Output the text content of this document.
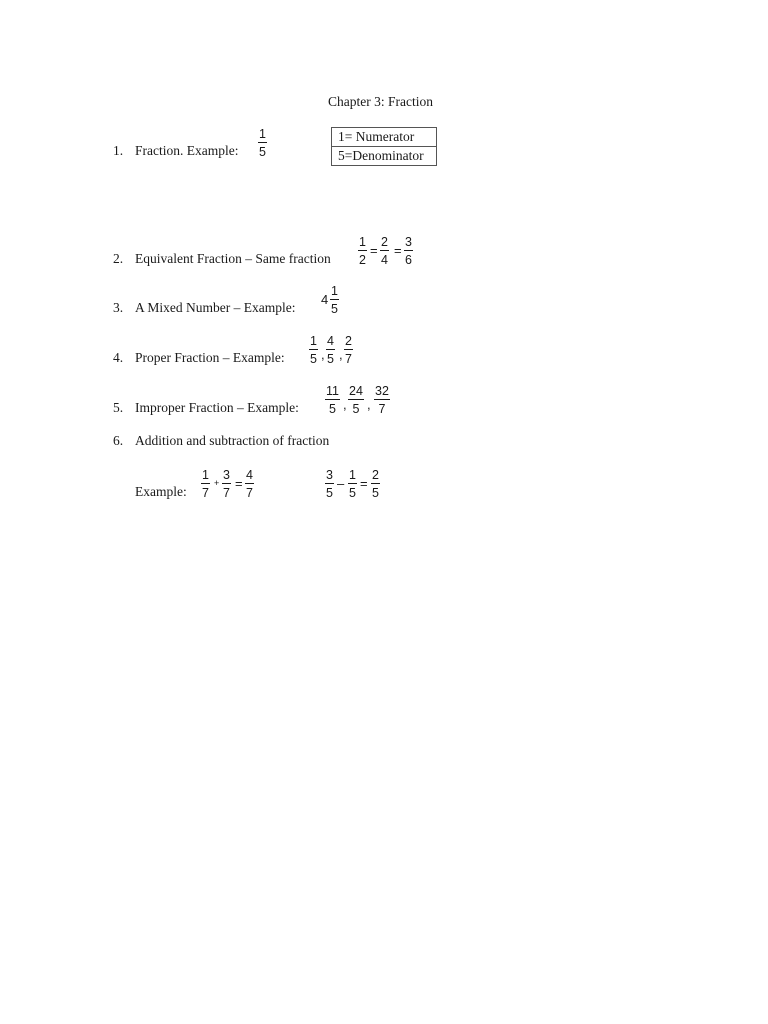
Chapter 3: Fraction
1. Fraction. Example: $\frac{1}{5}$	1= Numerator
5=Denominator
2. Equivalent Fraction – Same fraction $\frac{1}{2} = \frac{2}{4} = \frac{3}{6}$
3. A Mixed Number – Example:
$4 \frac{1}{5}$
4. Proper Fraction – Example: $\frac{1}{5}$ , $\frac{4}{5}$ , $\frac{2}{7}$
5. Improper Fraction – Example: $\frac{11}{5}$ , $\frac{24}{5}$ , $\frac{32}{7}$
6. Addition and subtraction of fraction
Example: $\frac{1}{7} + \frac{3}{7} = \frac{4}{7}$	$\frac{3}{5} - \frac{1}{5} = \frac{2}{5}$
